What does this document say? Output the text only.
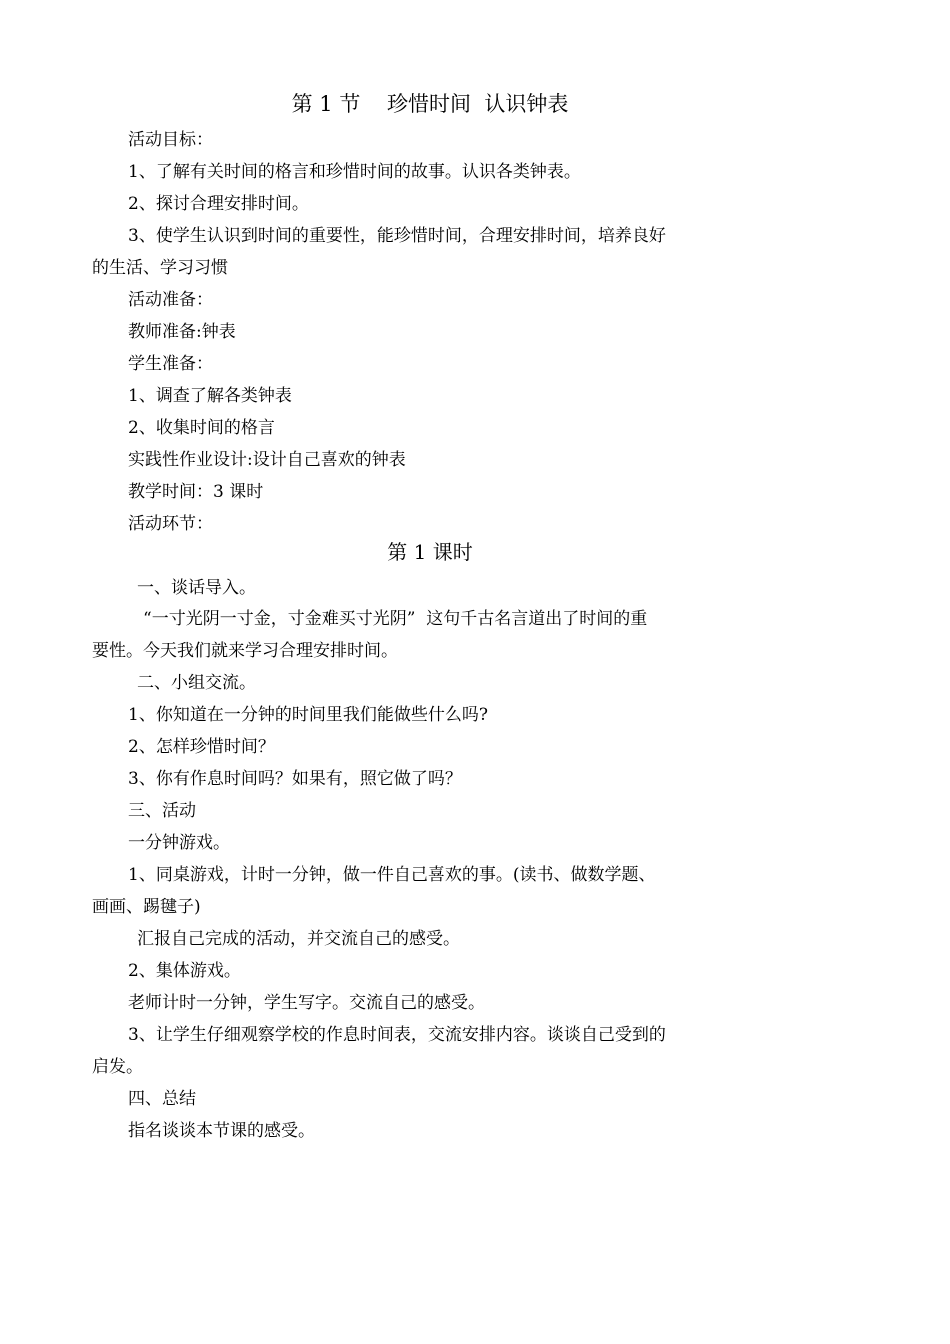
第 1 节    珍惜时间  认识钟表
活动目标：
1、了解有关时间的格言和珍惜时间的故事。认识各类钟表。
2、探讨合理安排时间。
3、使学生认识到时间的重要性，能珍惜时间，合理安排时间，培养良好
的生活、学习习惯
活动准备：
教师准备:钟表
学生准备：
1、调查了解各类钟表
2、收集时间的格言
实践性作业设计:设计自己喜欢的钟表
教学时间：3 课时
活动环节：
第 1 课时
一、谈话导入。
“一寸光阴一寸金，寸金难买寸光阴”  这句千古名言道出了时间的重
要性。今天我们就来学习合理安排时间。
二、小组交流。
1、你知道在一分钟的时间里我们能做些什么吗?
2、怎样珍惜时间？
3、你有作息时间吗？如果有，照它做了吗？
三、活动
一分钟游戏。
1、同桌游戏，计时一分钟，做一件自己喜欢的事。(读书、做数学题、
画画、踢毽子)
汇报自己完成的活动，并交流自己的感受。
2、集体游戏。
老师计时一分钟，学生写字。交流自己的感受。
3、让学生仔细观察学校的作息时间表，交流安排内容。谈谈自己受到的
启发。
四、总结
指名谈谈本节课的感受。
